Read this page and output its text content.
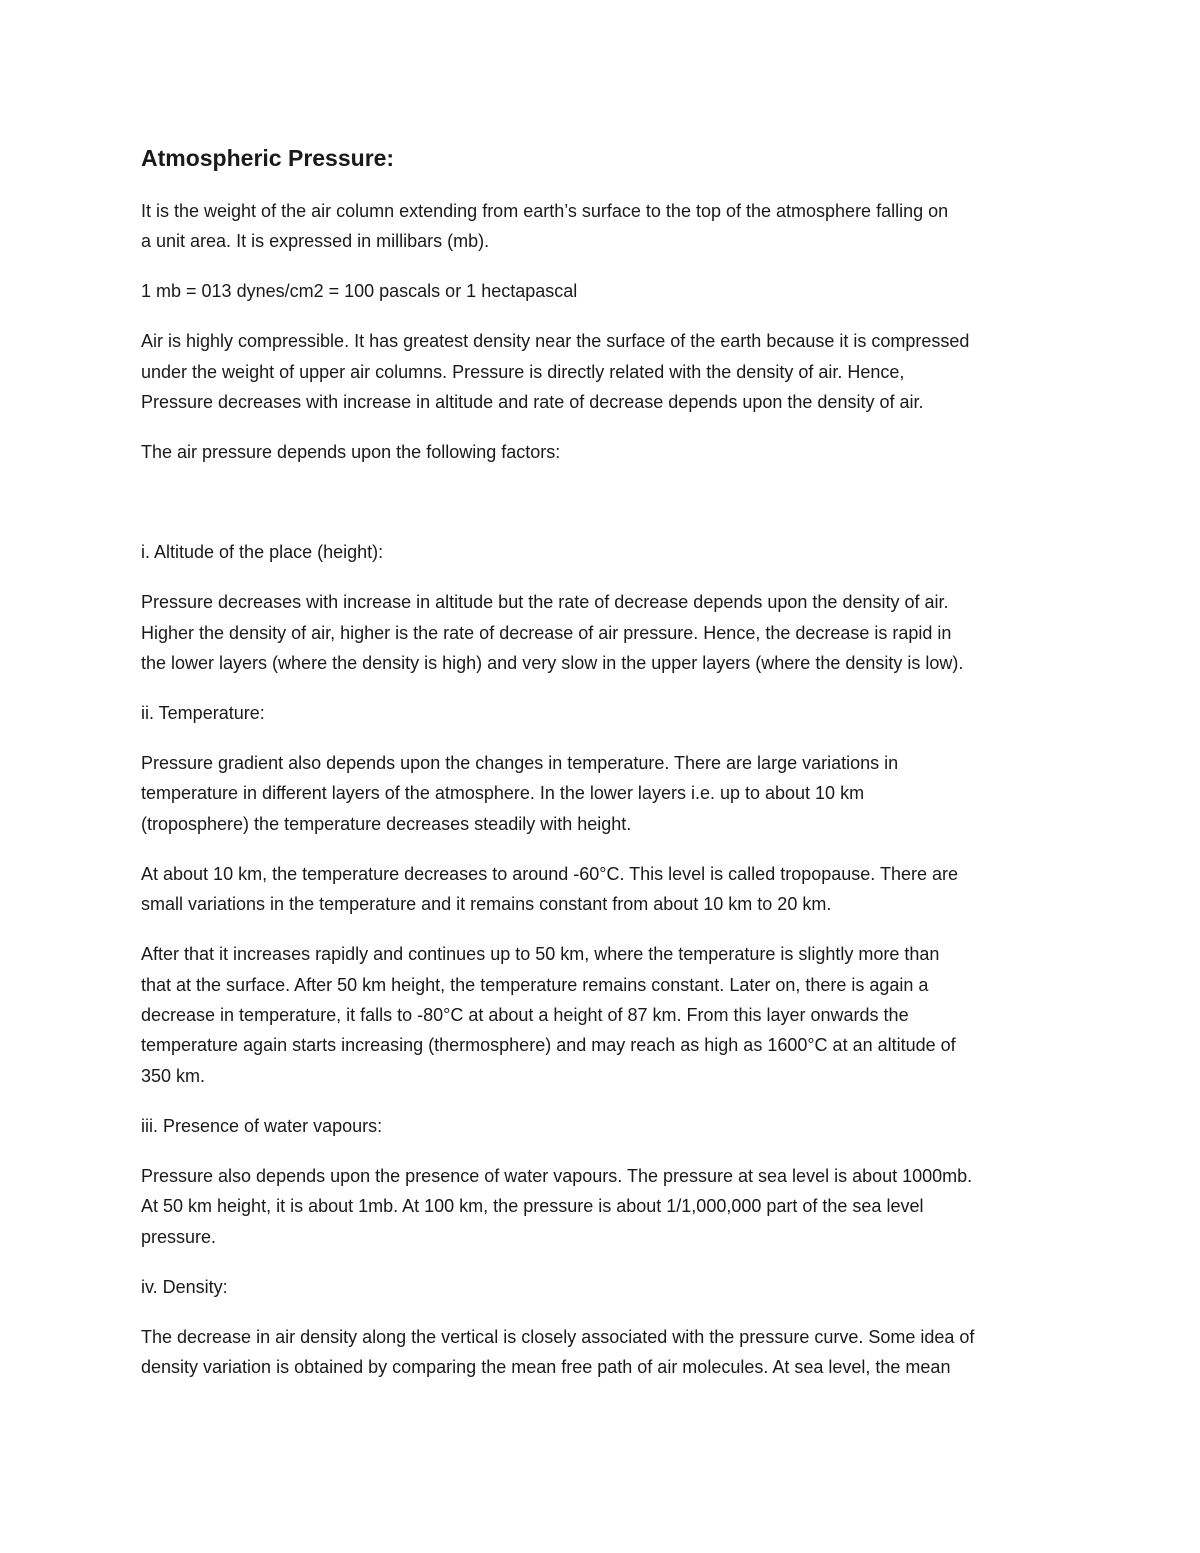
Atmospheric Pressure:

It is the weight of the air column extending from earth’s surface to the top of the atmosphere falling on
a unit area. It is expressed in millibars (mb).

1 mb = 013 dynes/cm2 = 100 pascals or 1 hectapascal

Air is highly compressible. It has greatest density near the surface of the earth because it is compressed
under the weight of upper air columns. Pressure is directly related with the density of air. Hence,
Pressure decreases with increase in altitude and rate of decrease depends upon the density of air.

The air pressure depends upon the following factors:

i. Altitude of the place (height):

Pressure decreases with increase in altitude but the rate of decrease depends upon the density of air.
Higher the density of air, higher is the rate of decrease of air pressure. Hence, the decrease is rapid in
the lower layers (where the density is high) and very slow in the upper layers (where the density is low).

ii. Temperature:

Pressure gradient also depends upon the changes in temperature. There are large variations in
temperature in different layers of the atmosphere. In the lower layers i.e. up to about 10 km
(troposphere) the temperature decreases steadily with height.

At about 10 km, the temperature decreases to around -60°C. This level is called tropopause. There are
small variations in the temperature and it remains constant from about 10 km to 20 km.

After that it increases rapidly and continues up to 50 km, where the temperature is slightly more than
that at the surface. After 50 km height, the temperature remains constant. Later on, there is again a
decrease in temperature, it falls to -80°C at about a height of 87 km. From this layer onwards the
temperature again starts increasing (thermosphere) and may reach as high as 1600°C at an altitude of
350 km.

iii. Presence of water vapours:

Pressure also depends upon the presence of water vapours. The pressure at sea level is about 1000mb.
At 50 km height, it is about 1mb. At 100 km, the pressure is about 1/1,000,000 part of the sea level
pressure.

iv. Density:

The decrease in air density along the vertical is closely associated with the pressure curve. Some idea of
density variation is obtained by comparing the mean free path of air molecules. At sea level, the mean
